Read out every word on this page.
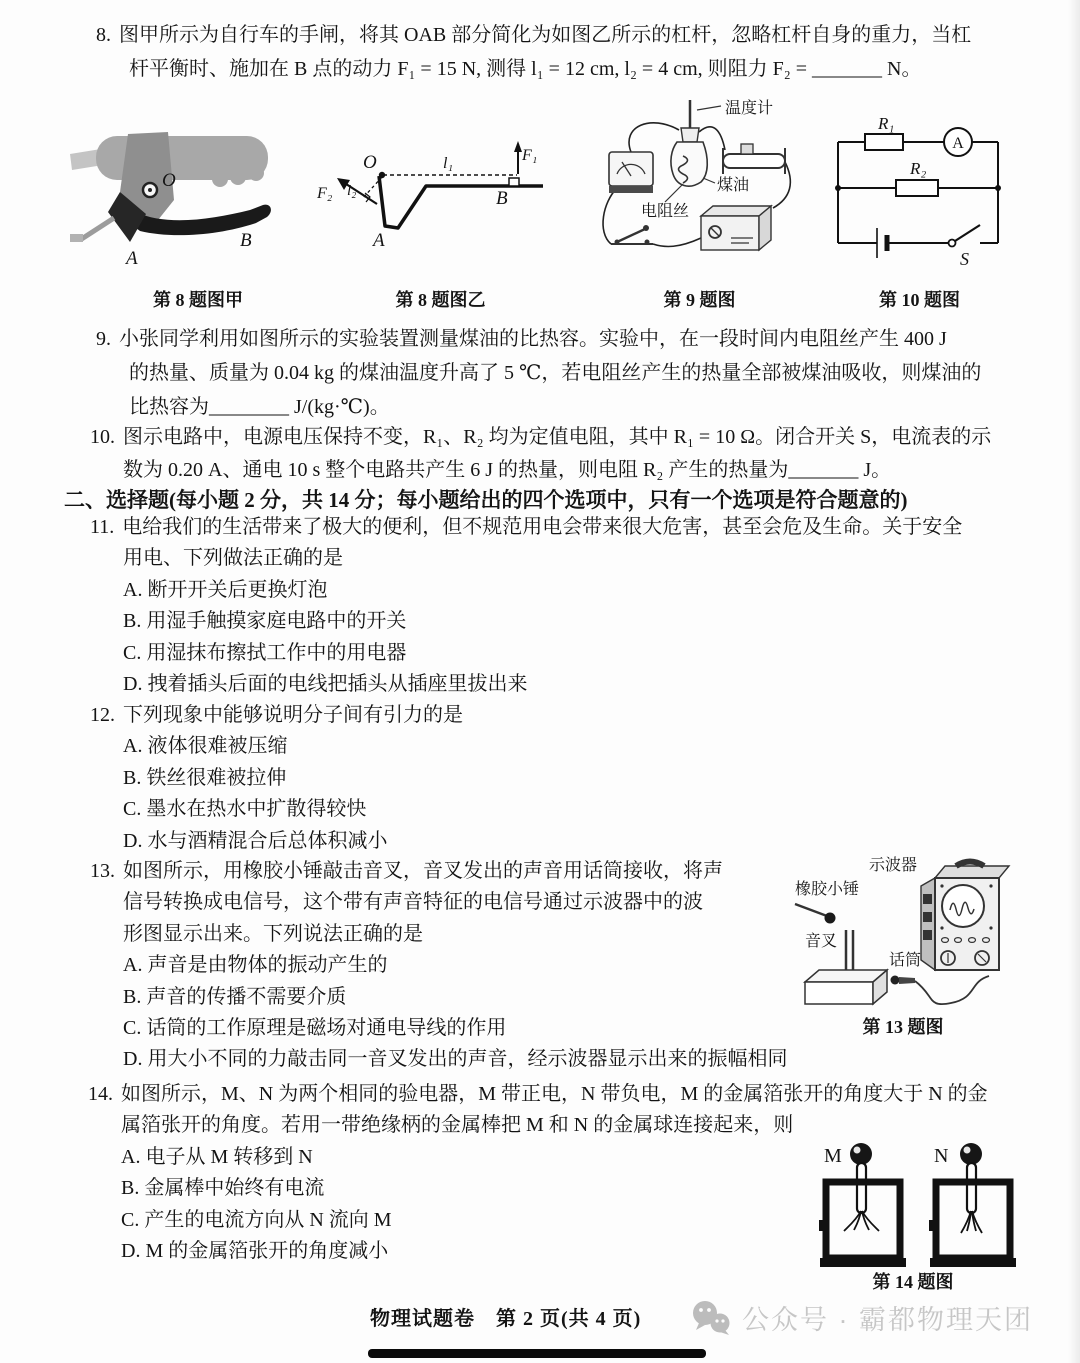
8. 图甲所示为自行车的手闸，将其 OAB 部分简化为如图乙所示的杠杆，忽略杠杆自身的重力，当杠
杆平衡时、施加在 B 点的动力 F₁ = 15 N, 测得 l₁ = 12 cm, l₂ = 4 cm, 则阻力 F₂ = _______ N。
O
B
A
第 8 题图甲
O	l₁	F₁
B
F₂ l₂
A
第 8 题图乙
温度计
煤油
电阻丝
第 9 题图
R₁
R₂
A
S
第 10 题图
9. 小张同学利用如图所示的实验装置测量煤油的比热容。实验中，在一段时间内电阻丝产生 400 J
的热量、质量为 0.04 kg 的煤油温度升高了 5 ℃，若电阻丝产生的热量全部被煤油吸收，则煤油的
比热容为________ J/(kg·℃)。
10. 图示电路中，电源电压保持不变，R₁、R₂ 均为定值电阻，其中 R₁ = 10 Ω。闭合开关 S，电流表的示
数为 0.20 A、通电 10 s 整个电路共产生 6 J 的热量，则电阻 R₂ 产生的热量为_______ J。
二、选择题(每小题 2 分，共 14 分；每小题给出的四个选项中，只有一个选项是符合题意的)
11. 电给我们的生活带来了极大的便利，但不规范用电会带来很大危害，甚至会危及生命。关于安全
用电、下列做法正确的是
A. 断开开关后更换灯泡
B. 用湿手触摸家庭电路中的开关
C. 用湿抹布擦拭工作中的用电器
D. 拽着插头后面的电线把插头从插座里拔出来
12. 下列现象中能够说明分子间有引力的是
A. 液体很难被压缩
B. 铁丝很难被拉伸
C. 墨水在热水中扩散得较快
D. 水与酒精混合后总体积减小
13. 如图所示，用橡胶小锤敲击音叉，音叉发出的声音用话筒接收，将声
信号转换成电信号，这个带有声音特征的电信号通过示波器中的波
形图显示出来。下列说法正确的是
A. 声音是由物体的振动产生的
B. 声音的传播不需要介质
C. 话筒的工作原理是磁场对通电导线的作用
D. 用大小不同的力敲击同一音叉发出的声音，经示波器显示出来的振幅相同
示波器
橡胶小锤
音叉
话筒
第 13 题图
14. 如图所示，M、N 为两个相同的验电器，M 带正电，N 带负电，M 的金属箔张开的角度大于 N 的金
属箔张开的角度。若用一带绝缘柄的金属棒把 M 和 N 的金属球连接起来，则
A. 电子从 M 转移到 N
B. 金属棒中始终有电流
C. 产生的电流方向从 N 流向 M
D. M 的金属箔张开的角度减小
M	N
第 14 题图
物理试题卷　第 2 页(共 4 页)	公众号 · 霸都物理天团
